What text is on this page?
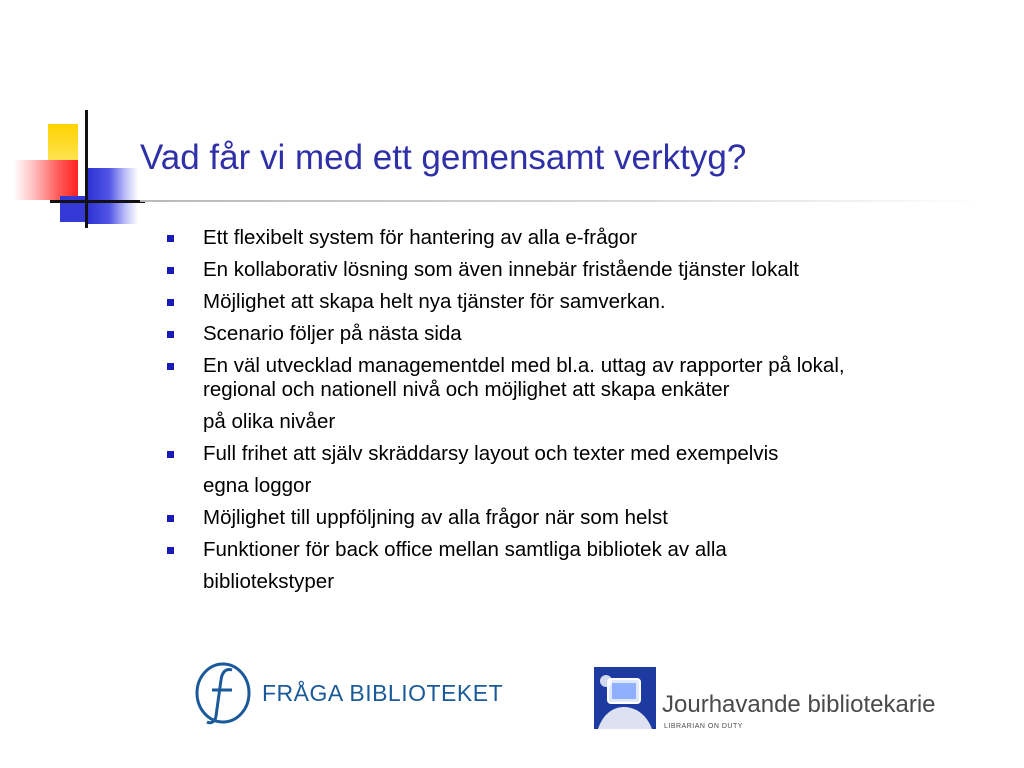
Vad får vi med ett gemensamt verktyg?
Ett flexibelt system för hantering av alla e-frågor
En kollaborativ lösning som även innebär fristående tjänster lokalt
Möjlighet att skapa helt nya tjänster för samverkan.
Scenario följer på nästa sida
En väl utvecklad managementdel med bl.a. uttag av rapporter på lokal,
regional och nationell nivå och möjlighet att skapa enkäter
på olika nivåer
Full frihet att själv skräddarsy layout och texter med exempelvis
egna loggor
Möjlighet till uppföljning av alla frågor när som helst
Funktioner för back office mellan samtliga bibliotek av alla
bibliotekstyper
FRÅGA BIBLIOTEKET	Jourhavande bibliotekarie
LIBRARIAN ON DUTY
